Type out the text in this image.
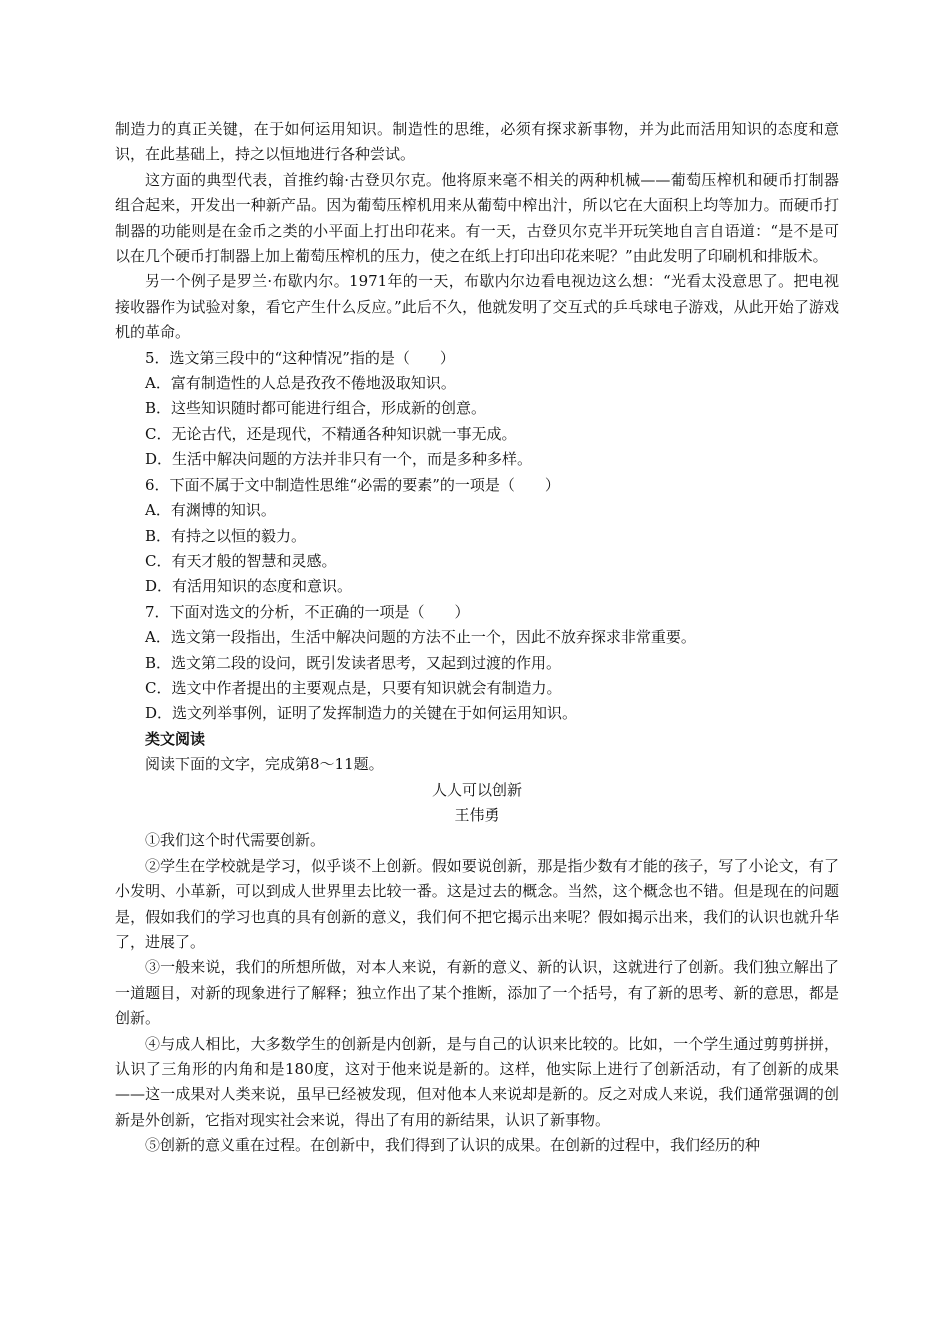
制造力的真正关键，在于如何运用知识。制造性的思维，必须有探求新事物，并为此而活用知识的态度和意识，在此基础上，持之以恒地进行各种尝试。

这方面的典型代表，首推约翰·古登贝尔克。他将原来毫不相关的两种机械——葡萄压榨机和硬币打制器组合起来，开发出一种新产品。因为葡萄压榨机用来从葡萄中榨出汁，所以它在大面积上均等加力。而硬币打制器的功能则是在金币之类的小平面上打出印花来。有一天，古登贝尔克半开玩笑地自言自语道：“是不是可以在几个硬币打制器上加上葡萄压榨机的压力，使之在纸上打印出印花来呢？”由此发明了印刷机和排版术。

另一个例子是罗兰·布歇内尔。1971年的一天，布歇内尔边看电视边这么想：“光看太没意思了。把电视接收器作为试验对象，看它产生什么反应。”此后不久，他就发明了交互式的乒乓球电子游戏，从此开始了游戏机的革命。

5．选文第三段中的“这种情况”指的是（　　）

A．富有制造性的人总是孜孜不倦地汲取知识。

B．这些知识随时都可能进行组合，形成新的创意。

C．无论古代，还是现代，不精通各种知识就一事无成。

D．生活中解决问题的方法并非只有一个，而是多种多样。

6．下面不属于文中制造性思维“必需的要素”的一项是（　　）

A．有渊博的知识。

B．有持之以恒的毅力。

C．有天才般的智慧和灵感。

D．有活用知识的态度和意识。

7．下面对选文的分析，不正确的一项是（　　）

A．选文第一段指出，生活中解决问题的方法不止一个，因此不放弃探求非常重要。

B．选文第二段的设问，既引发读者思考，又起到过渡的作用。

C．选文中作者提出的主要观点是，只要有知识就会有制造力。

D．选文列举事例，证明了发挥制造力的关键在于如何运用知识。

类文阅读

阅读下面的文字，完成第8～11题。

人人可以创新

王伟勇

①我们这个时代需要创新。

②学生在学校就是学习，似乎谈不上创新。假如要说创新，那是指少数有才能的孩子，写了小论文，有了小发明、小革新，可以到成人世界里去比较一番。这是过去的概念。当然，这个概念也不错。但是现在的问题是，假如我们的学习也真的具有创新的意义，我们何不把它揭示出来呢？假如揭示出来，我们的认识也就升华了，进展了。

③一般来说，我们的所想所做，对本人来说，有新的意义、新的认识，这就进行了创新。我们独立解出了一道题目，对新的现象进行了解释；独立作出了某个推断，添加了一个括号，有了新的思考、新的意思，都是创新。

④与成人相比，大多数学生的创新是内创新，是与自己的认识来比较的。比如，一个学生通过剪剪拼拼，认识了三角形的内角和是180度，这对于他来说是新的。这样，他实际上进行了创新活动，有了创新的成果——这一成果对人类来说，虽早已经被发现，但对他本人来说却是新的。反之对成人来说，我们通常强调的创新是外创新，它指对现实社会来说，得出了有用的新结果，认识了新事物。

⑤创新的意义重在过程。在创新中，我们得到了认识的成果。在创新的过程中，我们经历的种
